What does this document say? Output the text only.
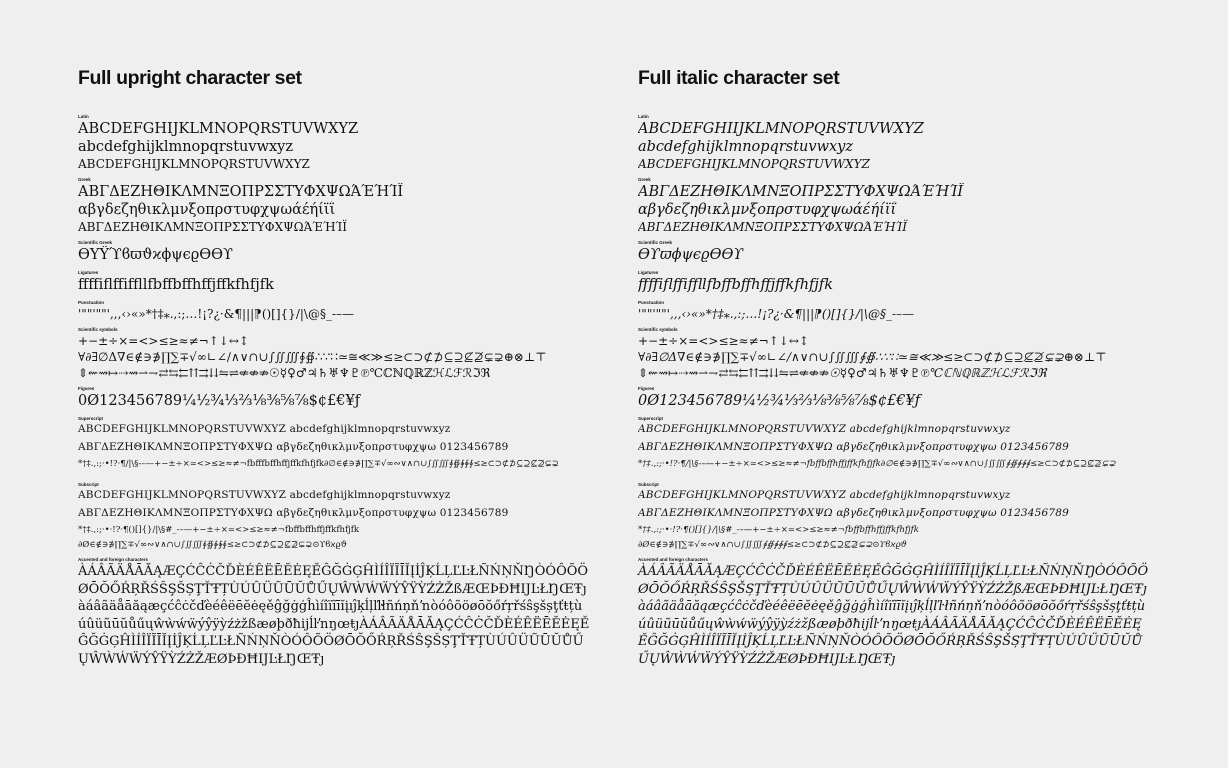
Full upright character set
Latin
ABCDEFGHIJKLMNOPQRSTUVWXYZ
abcdefghijklmnopqrstuvwxyz
ABCDEFGHIJKLMNOPQRSTUVWXYZ
Greek
ΑΒΓΔΕΖΗΘΙΚΛΜΝΞΟΠΡΣΣΤΥΦΧΨΩΆΈΉΊΪ
αβγδεζηθικλμνξοπρστυφχψωάέήίϊΐ
ΑΒΓΔΕΖΗΘΙΚΛΜΝΞΟΠΡΣΣΤΥΦΧΨΩΆΈΉΊΪ
Scientific Greek
ϴΥΫϓϐϖϑϰϕψϵϱϴϴϒ
Ligatures
ffffiflffiffllfbffbffhffjffkfhfjfk
Punctuation
'""'""',,,‹›«»*†‡⁎.,:;…!¡?¿·&¶|||⁋()[]{}/|\@§_-–—
Scientific symbols
+−±÷×=<>≤≥≈≠¬↑↓↔↕
∀∂∃∅Δ∇∈∉∋∌∏∑∓√∞∟∠∕∧∨∩∪∫∬∭∮∯∴∵∷≃≅≪≫≤≥⊂⊃⊄⊅⊆⊇⊈⊉⊊⊋⊕⊗⊥⊤
⇕⇜⇝↦⇢⇝⇀⇁⇄⇆⇇⇈⇉⇊⇋⇌⇍⇎⇏☉☿♀♂♃♄♅♆♇℗℃ℂℕℚℝℤℋℒℱℛℑℜ
Figures
0Ø123456789¼½¾⅓⅔⅛⅜⅝⅞$¢£€¥ƒ
Superscript
ABCDEFGHIJKLMNOPQRSTUVWXYZ abcdefghijklmnopqrstuvwxyz
ΑΒΓΔΕΖΗΘΙΚΛΜΝΞΟΠΡΣΤΥΦΧΨΩ αβγδεζηθικλμνξοπρστυφχψω 0123456789
*†‡.,:;·•!?·¶/|\§-–—+−±÷×=<>≤≥≈≠¬fbfffbffhffjffkfhfjfk∂∅∈∉∋∌∏∑∓√∞∾∨∧∩∪∫∬∭∮∯∲∳∮≤≥⊂⊃⊄⊅⊆⊇⊈⊉⊊⊋
Subscript
ABCDEFGHIJKLMNOPQRSTUVWXYZ abcdefghijklmnopqrstuvwxyz
ΑΒΓΔΕΖΗΘΙΚΛΜΝΞΟΠΡΣΤΥΦΧΨΩ αβγδεζηθικλμνξοπρστυφχψω 0123456789
*†‡.,:;·•·!?·¶()[]{}/|\§#_-–—+−±÷×=<>≤≥≈≠¬fbffbffhffjffkfhfjfk
∂Ø∈∉∋∌∏∑∓√∞∾∨∧∩∪∫∬∭∮∯∲∳∮≤≥⊂⊃⊄⊅⊆⊇⊈⊉⊊⊋⊙ϒϐϰϱϑ
Accented and foreign characters
ÀÁÂÃÄÅĀĂĄÆÇĆĈĊČĎÈÉÊËĒĔĖĘĚĜĞĠĢĤÌÍÎÏĨĪĬĮİĴĶĹĻĽĿŁÑŃŅŇŊÒÓÔÕÖØŌŎŐŔŖŘŚŜŞŠȘŢŤŦȚÙÚÛÜŨŪŬŮŰŲŴẀẂẄÝŶŸỲŹŻŽßÆŒÞÐĦIJĿŁŊŒŦȷàáâãäåāăąæçćĉċčďèéêëēĕėęěĝğġģĥìíîïĩīĭįıĵķĺļľŀłñńņňŉòóôõöøōŏőŕŗřśŝşšșţťŧțùúûüũūŭůűųŵẁẃẅýŷÿỳźżžßæøþðħijĺŀŉŋœŧȷÀÁÂÃÄÅĀĂĄÇĆĈĊČĎÈÉÊËĒĔĖĘĚĜĞĠĢĤÌÍÎÏĨĪĬĮİĴĶĹĻĽĿŁÑŃŅŇÒÓÔÕÖØŌŎŐŔŖŘŚŜŞŠȘŢŤŦȚÙÚÛÜŨŪŬŮŰŲŴẀẂẄÝŶŸỲŹŻŽÆØÞÐĦIJĿŁŊŒŦȷ
Full italic character set
Latin
ABCDEFGHIIJKLMNOPQRSTUVWXYZ
abcdefghijklmnopqrstuvwxyz
ABCDEFGHIJKLMNOPQRSTUVWXYZ
Greek
ΑΒΓΔΕΖΗΘΙΚΛΜΝΞΟΠΡΣΣΤΥΦΧΨΩΆΈΉΊΪ
αβγδεζηθικλμνξοπρστυφχψωάέήίϊΐ
ΑΒΓΔΕΖΗΘΙΚΛΜΝΞΟΠΡΣΣΤΥΦΧΨΩΆΈΉΊΪ
Scientific Greek
ϴϒϖϕψϵϱϴϴϒ
Ligatures
ffffiflffiffllfbffbffhffjffkfhfjfk
Punctuation
'""'""',,,‹›«»*†‡⁎.,:;…!¡?¿·&¶|||⁋()[]{}/|\@§_-–—
Scientific symbols
+−±÷×=<>≤≥≈≠¬↑↓↔↕
∀∂∃∅Δ∇∈∉∋∌∏∑∓√∞∟∠∕∧∨∩∪∫∬∭∮∯∴∵∷≃≅≪≫≤≥⊂⊃⊄⊅⊆⊇⊈⊉⊊⊋⊕⊗⊥⊤
⇕⇜⇝↦⇢⇝⇀⇁⇄⇆⇇⇈⇉⇊⇋⇌⇍⇎⇏☉☿♀♂♃♄♅♆♇℗℃ℂℕℚℝℤℋℒℱℛℑℜ
Figures
0Ø123456789¼½¾⅓⅔⅛⅜⅝⅞$¢£€¥ƒ
Superscript
ABCDEFGHIJKLMNOPQRSTUVWXYZ abcdefghijklmnopqrstuvwxyz
ΑΒΓΔΕΖΗΘΙΚΛΜΝΞΟΠΡΣΤΥΦΧΨΩ αβγδεζηθικλμνξοπρστυφχψω 0123456789
*†‡.,:;·•!?·¶/|\§-–—+−±÷×=<>≤≥≈≠¬fbffbffhffjffkfhfjfk∂∅∈∉∋∌∏∑∓√∞∾∨∧∩∪∫∬∭∮∯∲∳∮≤≥⊂⊃⊄⊅⊆⊇⊈⊉⊊⊋
Subscript
ABCDEFGHIJKLMNOPQRSTUVWXYZ abcdefghijklmnopqrstuvwxyz
ΑΒΓΔΕΖΗΘΙΚΛΜΝΞΟΠΡΣΤΥΦΧΨΩ αβγδεζηθικλμνξοπρστυφχψω 0123456789
*†‡.,:;·•·!?·¶()[]{}/|\§#_-–—+−±÷×=<>≤≥≈≠¬fbffbffhffjffkfhfjfk
∂Ø∈∉∋∌∏∑∓√∞∾∨∧∩∪∫∬∭∮∯∲∳∮≤≥⊂⊃⊄⊅⊆⊇⊈⊉⊊⊋⊙ϒϐϰϱϑ
Accented and foreign characters
ÀÁÂÃÄÅĀĂĄÆÇĆĈĊČĎÈÉÊËĒĔĖĘĚĜĞĠĢĤÌÍÎÏĨĪĬĮİĴĶĹĻĽĿŁÑŃŅŇŊÒÓÔÕÖØŌŎŐŔŖŘŚŜŞŠȘŢŤŦȚÙÚÛÜŨŪŬŮŰŲŴẀẂẄÝŶŸỲŹŻŽßÆŒÞÐĦIJĿŁŊŒŦȷàáâãäåāăąæçćĉċčďèéêëēĕėęěĝğġģĥìíîïĩīĭįıĵķĺļľŀłñńņňŉòóôõöøōŏőŕŗřśŝşšșţťŧțùúûüũūŭůűųŵẁẃẅýŷÿỳźżžßæøþðħijĺŀŉŋœŧȷÀÁÂÃÄÅĀĂĄÇĆĈĊČĎÈÉÊËĒĔĖĘĚĜĞĠĢĤÌÍÎÏĨĪĬĮİĴĶĹĻĽĿŁÑŃŅŇÒÓÔÕÖØŌŎŐŔŖŘŚŜŞŠȘŢŤŦȚÙÚÛÜŨŪŬŮŰŲŴẀẂẄÝŶŸỲŹŻŽÆØÞÐĦIJĿŁŊŒŦȷ
